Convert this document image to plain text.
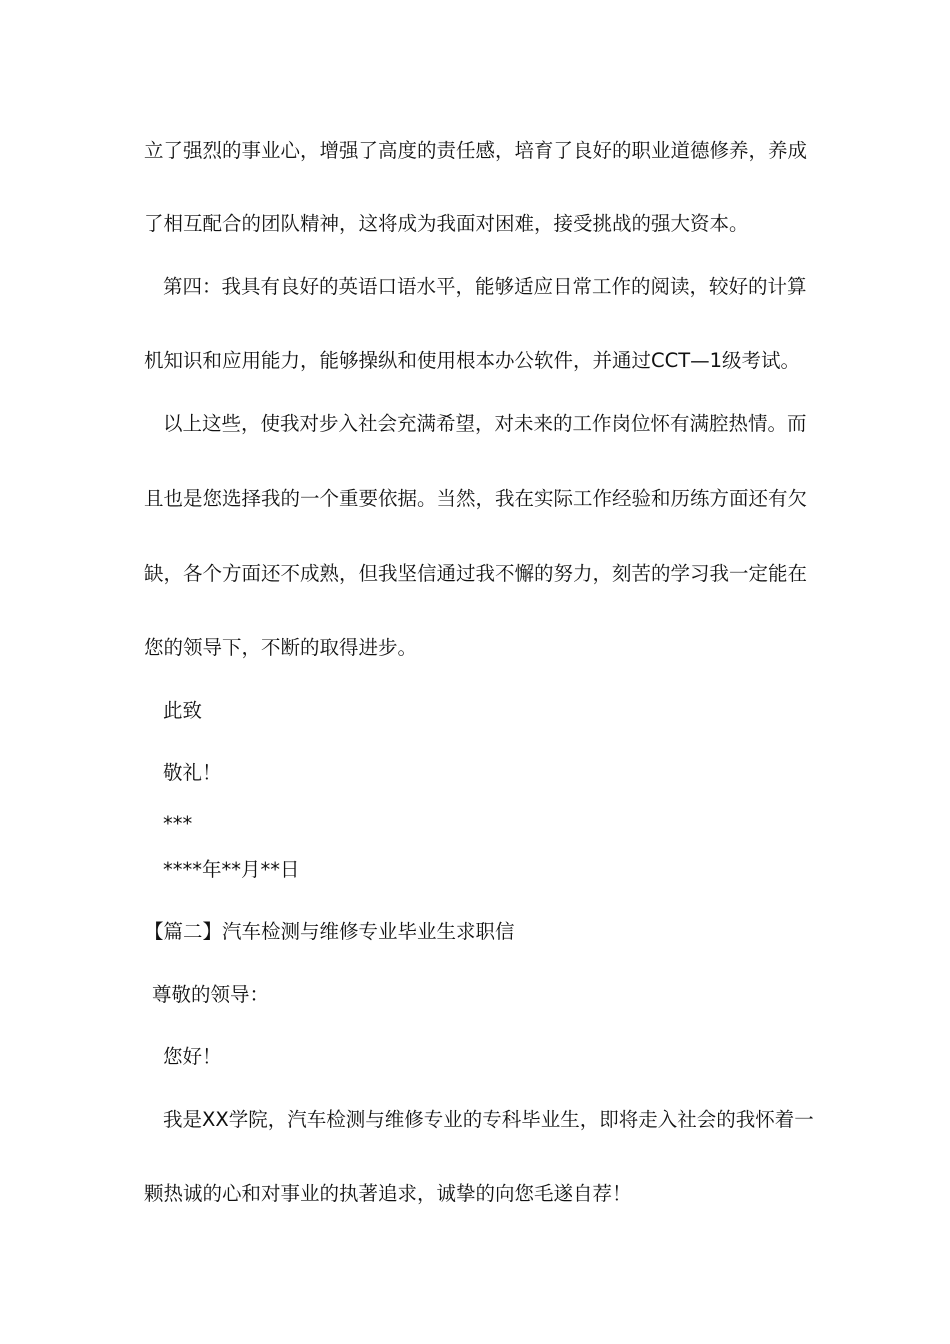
立了强烈的事业心，增强了高度的责任感，培育了良好的职业道德修养，养成
了相互配合的团队精神，这将成为我面对困难，接受挑战的强大资本。
第四：我具有良好的英语口语水平，能够适应日常工作的阅读，较好的计算
机知识和应用能力，能够操纵和使用根本办公软件，并通过CCT—1级考试。
以上这些，使我对步入社会充满希望，对未来的工作岗位怀有满腔热情。而
且也是您选择我的一个重要依据。当然，我在实际工作经验和历练方面还有欠
缺，各个方面还不成熟，但我坚信通过我不懈的努力，刻苦的学习我一定能在
您的领导下，不断的取得进步。
此致
敬礼！
***
****年**月**日
【篇二】汽车检测与维修专业毕业生求职信
尊敬的领导：
您好！
我是XX学院，汽车检测与维修专业的专科毕业生，即将走入社会的我怀着一
颗热诚的心和对事业的执著追求，诚挚的向您毛遂自荐！
